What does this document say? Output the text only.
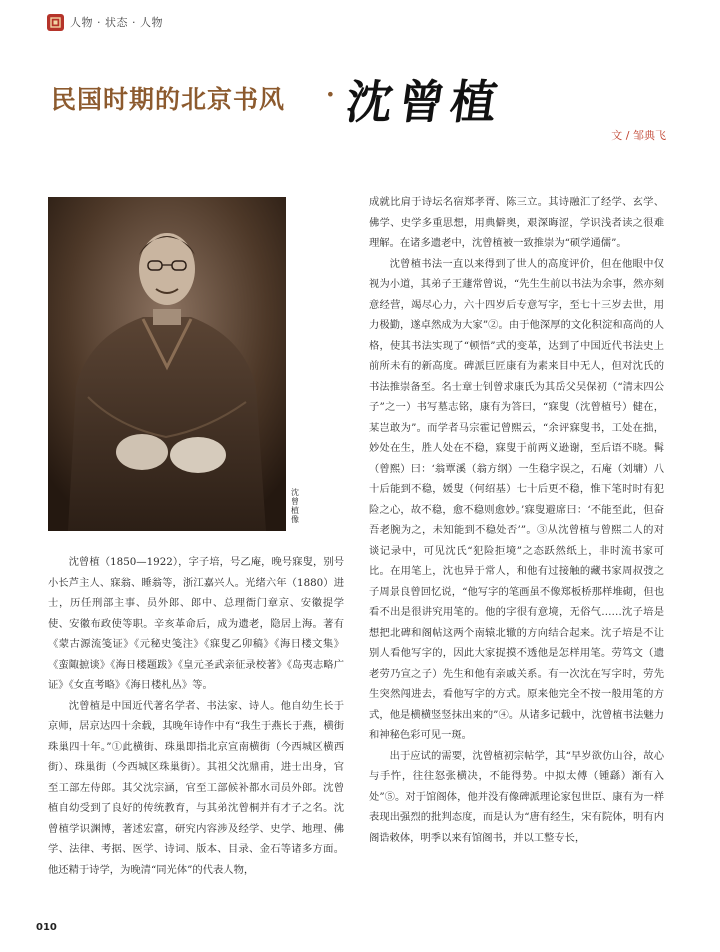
人物 · 状态 · 人物
民国时期的北京书风 · 沈曾植
文 / 邹典飞
沈曾植像

沈曾植（1850—1922），字子培，号乙庵，晚号寐叟，别号小长芦主人、寐翁、睡翁等，浙江嘉兴人。光绪六年（1880）进士，历任刑部主事、员外郎、郎中、总理衙门章京、安徽提学使、安徽布政使等职。辛亥革命后，成为遗老，隐居上海。著有《蒙古源流笺证》《元秘史笺注》《寐叟乙卯稿》《海日楼文集》《蛮陬摭谈》《海日楼题跋》《皇元圣武亲征录校著》《岛夷志略广证》《女直考略》《海日楼札丛》等。

沈曾植是中国近代著名学者、书法家、诗人。他自幼生长于京师，居京达四十余载，其晚年诗作中有“我生于燕长于燕，横街珠巢四十年。”①此横街、珠巢即指北京宣南横街（今西城区横西街）、珠巢街（今西城区珠巢街）。其祖父沈鼎甫，进士出身，官至工部左侍郎。其父沈宗涵，官至工部候补都水司员外郎。沈曾植自幼受到了良好的传统教育，与其弟沈曾桐并有才子之名。沈曾植学识渊博，著述宏富，研究内容涉及经学、史学、地理、佛学、法律、考据、医学、诗词、版本、目录、金石等诸多方面。他还精于诗学，为晚清“同光体”的代表人物，

成就比肩于诗坛名宿郑孝胥、陈三立。其诗融汇了经学、玄学、佛学、史学多重思想，用典僻奥，艰深晦涩，学识浅者读之很难理解。在诸多遗老中，沈曾植被一致推崇为“硕学通儒”。

沈曾植书法一直以来得到了世人的高度评价，但在他眼中仅视为小道，其弟子王蘧常曾说，“先生生前以书法为余事，然亦刻意经营，竭尽心力，六十四岁后专意写字，至七十三岁去世，用力极勤，遂卓然成为大家”②。由于他深厚的文化积淀和高尚的人格，使其书法实现了“顿悟”式的变革，达到了中国近代书法史上前所未有的新高度。碑派巨匠康有为素来目中无人，但对沈氏的书法推崇备至。名士章士钊曾求康氏为其岳父吴保初（“清末四公子”之一）书写墓志铭，康有为答曰，“寐叟（沈曾植号）健在，某岂敢为”。而学者马宗霍记曾熙云，“余评寐叟书，工处在拙，妙处在生，胜人处在不稳，寐叟于前两义逊谢，至后语不晓。髯（曾熙）曰：‘翁覃溪（翁方纲）一生稳字误之，石庵（刘墉）八十后能到不稳，媛叟（何绍基）七十后更不稳，惟下笔时时有犯险之心，故不稳，愈不稳则愈妙。’寐叟避席曰：‘不能至此，但奋吾老腕为之，未知能到不稳处否’”。③从沈曾植与曾熙二人的对谈记录中，可见沈氏“犯险拒境”之态跃然纸上，非时流书家可比。在用笔上，沈也异于常人，和他有过接触的藏书家周叔弢之子周景良曾回忆说，“他写字的笔画虽不像郑板桥那样堆砌，但也看不出是很讲究用笔的。他的字很有意境，无俗气……沈子培是想把北碑和阁帖这两个南辕北辙的方向结合起来。沈子培是不让别人看他写字的，因此大家捉摸不透他是怎样用笔。劳笃文（遗老劳乃宣之子）先生和他有亲戚关系。有一次沈在写字时，劳先生突然闯进去，看他写字的方式。原来他完全不按一般用笔的方式，他是横横竖竖抹出来的”④。从诸多记载中，沈曾植书法魅力和神秘色彩可见一斑。

出于应试的需要，沈曾植初宗帖学，其“早岁欲仿山谷，故心与手忤，往往怒张横决，不能得势。中拟太傅（锺繇）渐有入处”⑤。对于馆阁体，他并没有像碑派理论家包世臣、康有为一样表现出强烈的批判态度，而是认为“唐有经生，宋有院体，明有内阁诰敕体，明季以来有馆阁书，并以工整专长，

010
